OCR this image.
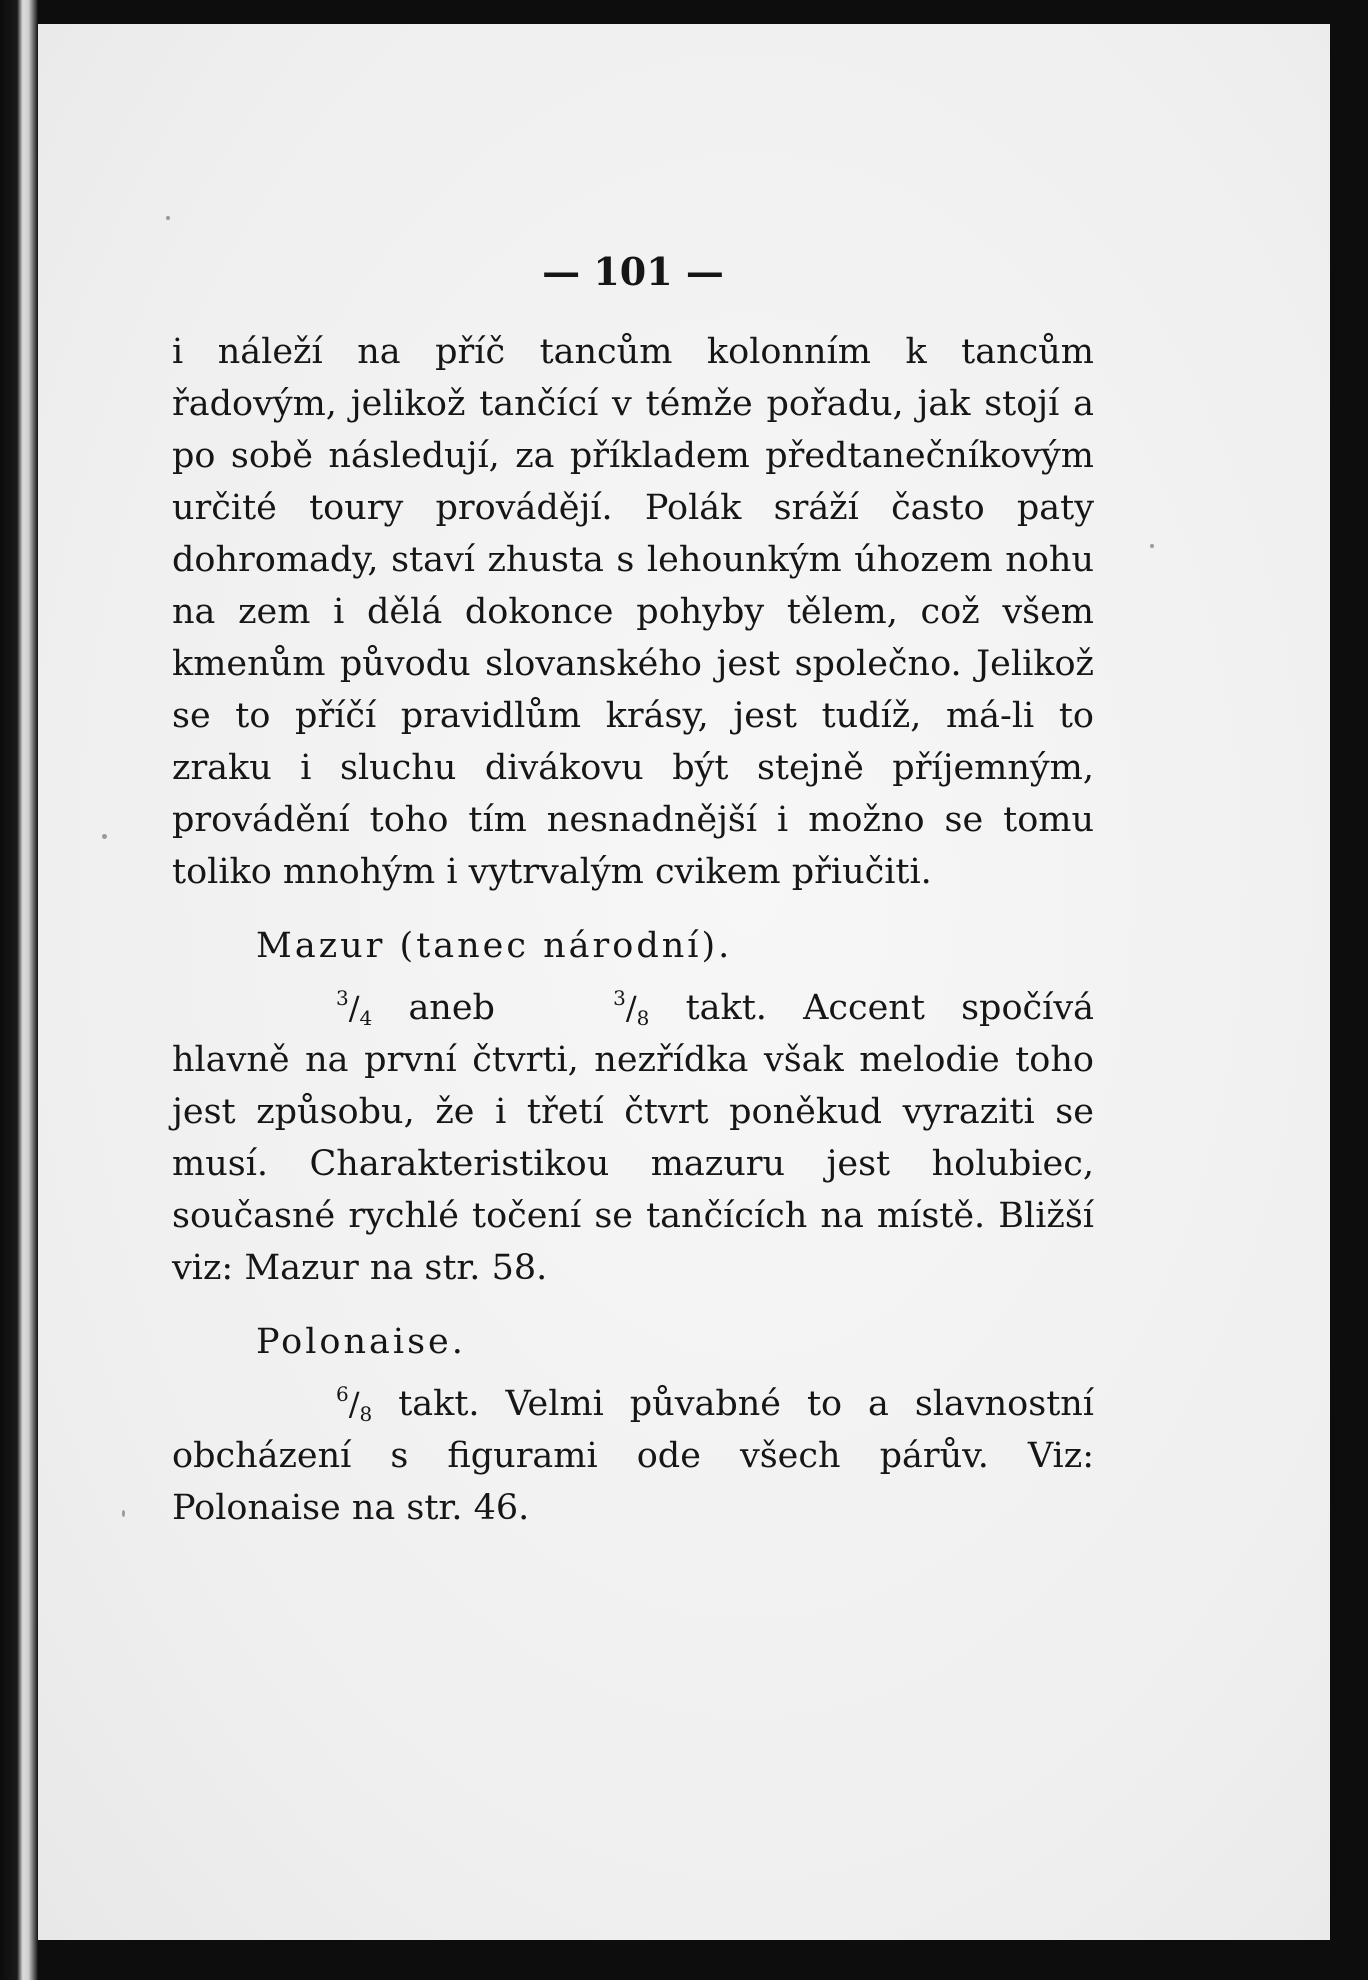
— 101 —

i náleží na příč tancům kolonním k tancům řadovým, jelikož tančící v témže pořadu, jak stojí a po sobě následují, za příkladem předtanečníkovým určité toury provádějí. Polák sráží často paty dohromady, staví zhusta s lehounkým úhozem nohu na zem i dělá dokonce pohyby tělem, což všem kmenům původu slovanského jest společno. Jelikož se to příčí pravidlům krásy, jest tudíž, má-li to zraku i sluchu divákovu být stejně příjemným, provádění toho tím nesnadnější i možno se tomu toliko mnohým i vytrvalým cvikem přiučiti.

Mazur (tanec národní).

$^3/_4$ aneb	$^3/_8$ takt. Accent spočívá hlavně na první čtvrti, nezřídka však melodie toho jest způsobu, že i třetí čtvrt poněkud vyraziti se musí. Charakteristikou mazuru jest holubiec, současné rychlé točení se tančících na místě. Bližší viz: Mazur na str. 58.

Polonaise.

$^6/_8$ takt. Velmi půvabné to a slavnostní obcházení s figurami ode všech párův. Viz: Polonaise na str. 46.
